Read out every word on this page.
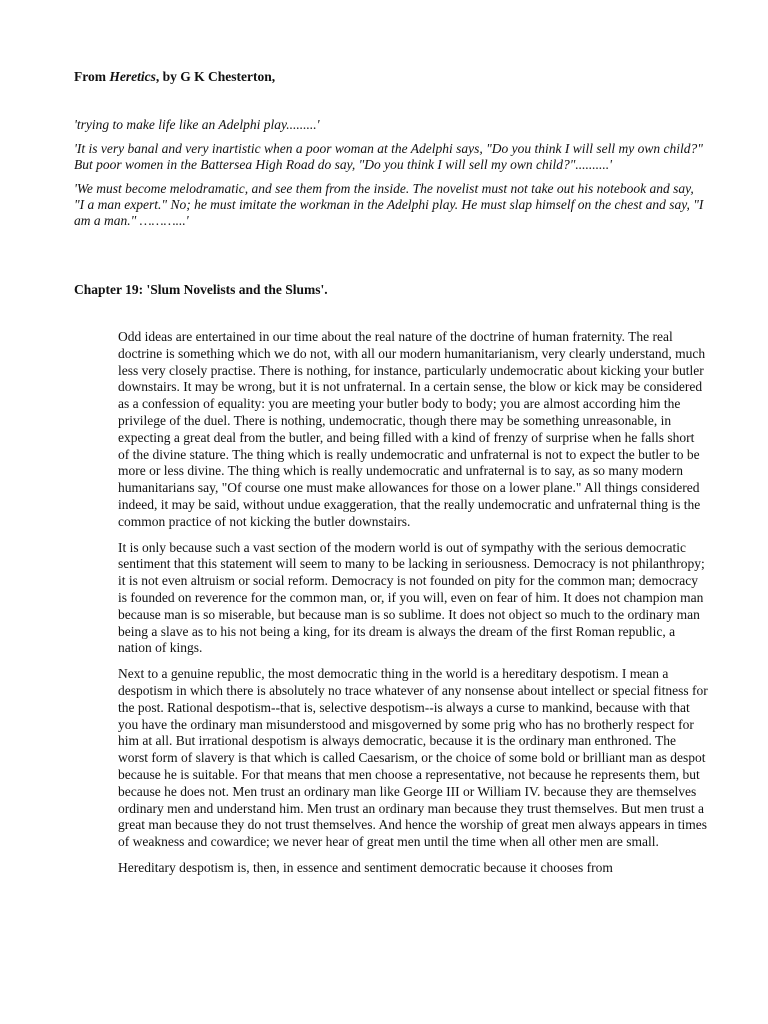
From Heretics, by G K Chesterton,

'trying to make life like an Adelphi play.........'

'It is very banal and very inartistic when a poor woman at the Adelphi says, "Do you think I will sell my own child?" But poor women in the Battersea High Road do say, "Do you think I will sell my own child?"..........'

'We must become melodramatic, and see them from the inside. The novelist must not take out his notebook and say, "I a man expert." No; he must imitate the workman in the Adelphi play. He must slap himself on the chest and say, "I am a man." ………...'

Chapter 19: 'Slum Novelists and the Slums'.

Odd ideas are entertained in our time about the real nature of the doctrine of human fraternity. The real doctrine is something which we do not, with all our modern humanitarianism, very clearly understand, much less very closely practise. There is nothing, for instance, particularly undemocratic about kicking your butler downstairs. It may be wrong, but it is not unfraternal. In a certain sense, the blow or kick may be considered as a confession of equality: you are meeting your butler body to body; you are almost according him the privilege of the duel. There is nothing, undemocratic, though there may be something unreasonable, in expecting a great deal from the butler, and being filled with a kind of frenzy of surprise when he falls short of the divine stature. The thing which is really undemocratic and unfraternal is not to expect the butler to be more or less divine. The thing which is really undemocratic and unfraternal is to say, as so many modern humanitarians say, "Of course one must make allowances for those on a lower plane." All things considered indeed, it may be said, without undue exaggeration, that the really undemocratic and unfraternal thing is the common practice of not kicking the butler downstairs.

It is only because such a vast section of the modern world is out of sympathy with the serious democratic sentiment that this statement will seem to many to be lacking in seriousness. Democracy is not philanthropy; it is not even altruism or social reform. Democracy is not founded on pity for the common man; democracy is founded on reverence for the common man, or, if you will, even on fear of him. It does not champion man because man is so miserable, but because man is so sublime. It does not object so much to the ordinary man being a slave as to his not being a king, for its dream is always the dream of the first Roman republic, a nation of kings.

Next to a genuine republic, the most democratic thing in the world is a hereditary despotism. I mean a despotism in which there is absolutely no trace whatever of any nonsense about intellect or special fitness for the post. Rational despotism--that is, selective despotism--is always a curse to mankind, because with that you have the ordinary man misunderstood and misgoverned by some prig who has no brotherly respect for him at all. But irrational despotism is always democratic, because it is the ordinary man enthroned. The worst form of slavery is that which is called Caesarism, or the choice of some bold or brilliant man as despot because he is suitable. For that means that men choose a representative, not because he represents them, but because he does not. Men trust an ordinary man like George III or William IV. because they are themselves ordinary men and understand him. Men trust an ordinary man because they trust themselves. But men trust a great man because they do not trust themselves. And hence the worship of great men always appears in times of weakness and cowardice; we never hear of great men until the time when all other men are small.

Hereditary despotism is, then, in essence and sentiment democratic because it chooses from
